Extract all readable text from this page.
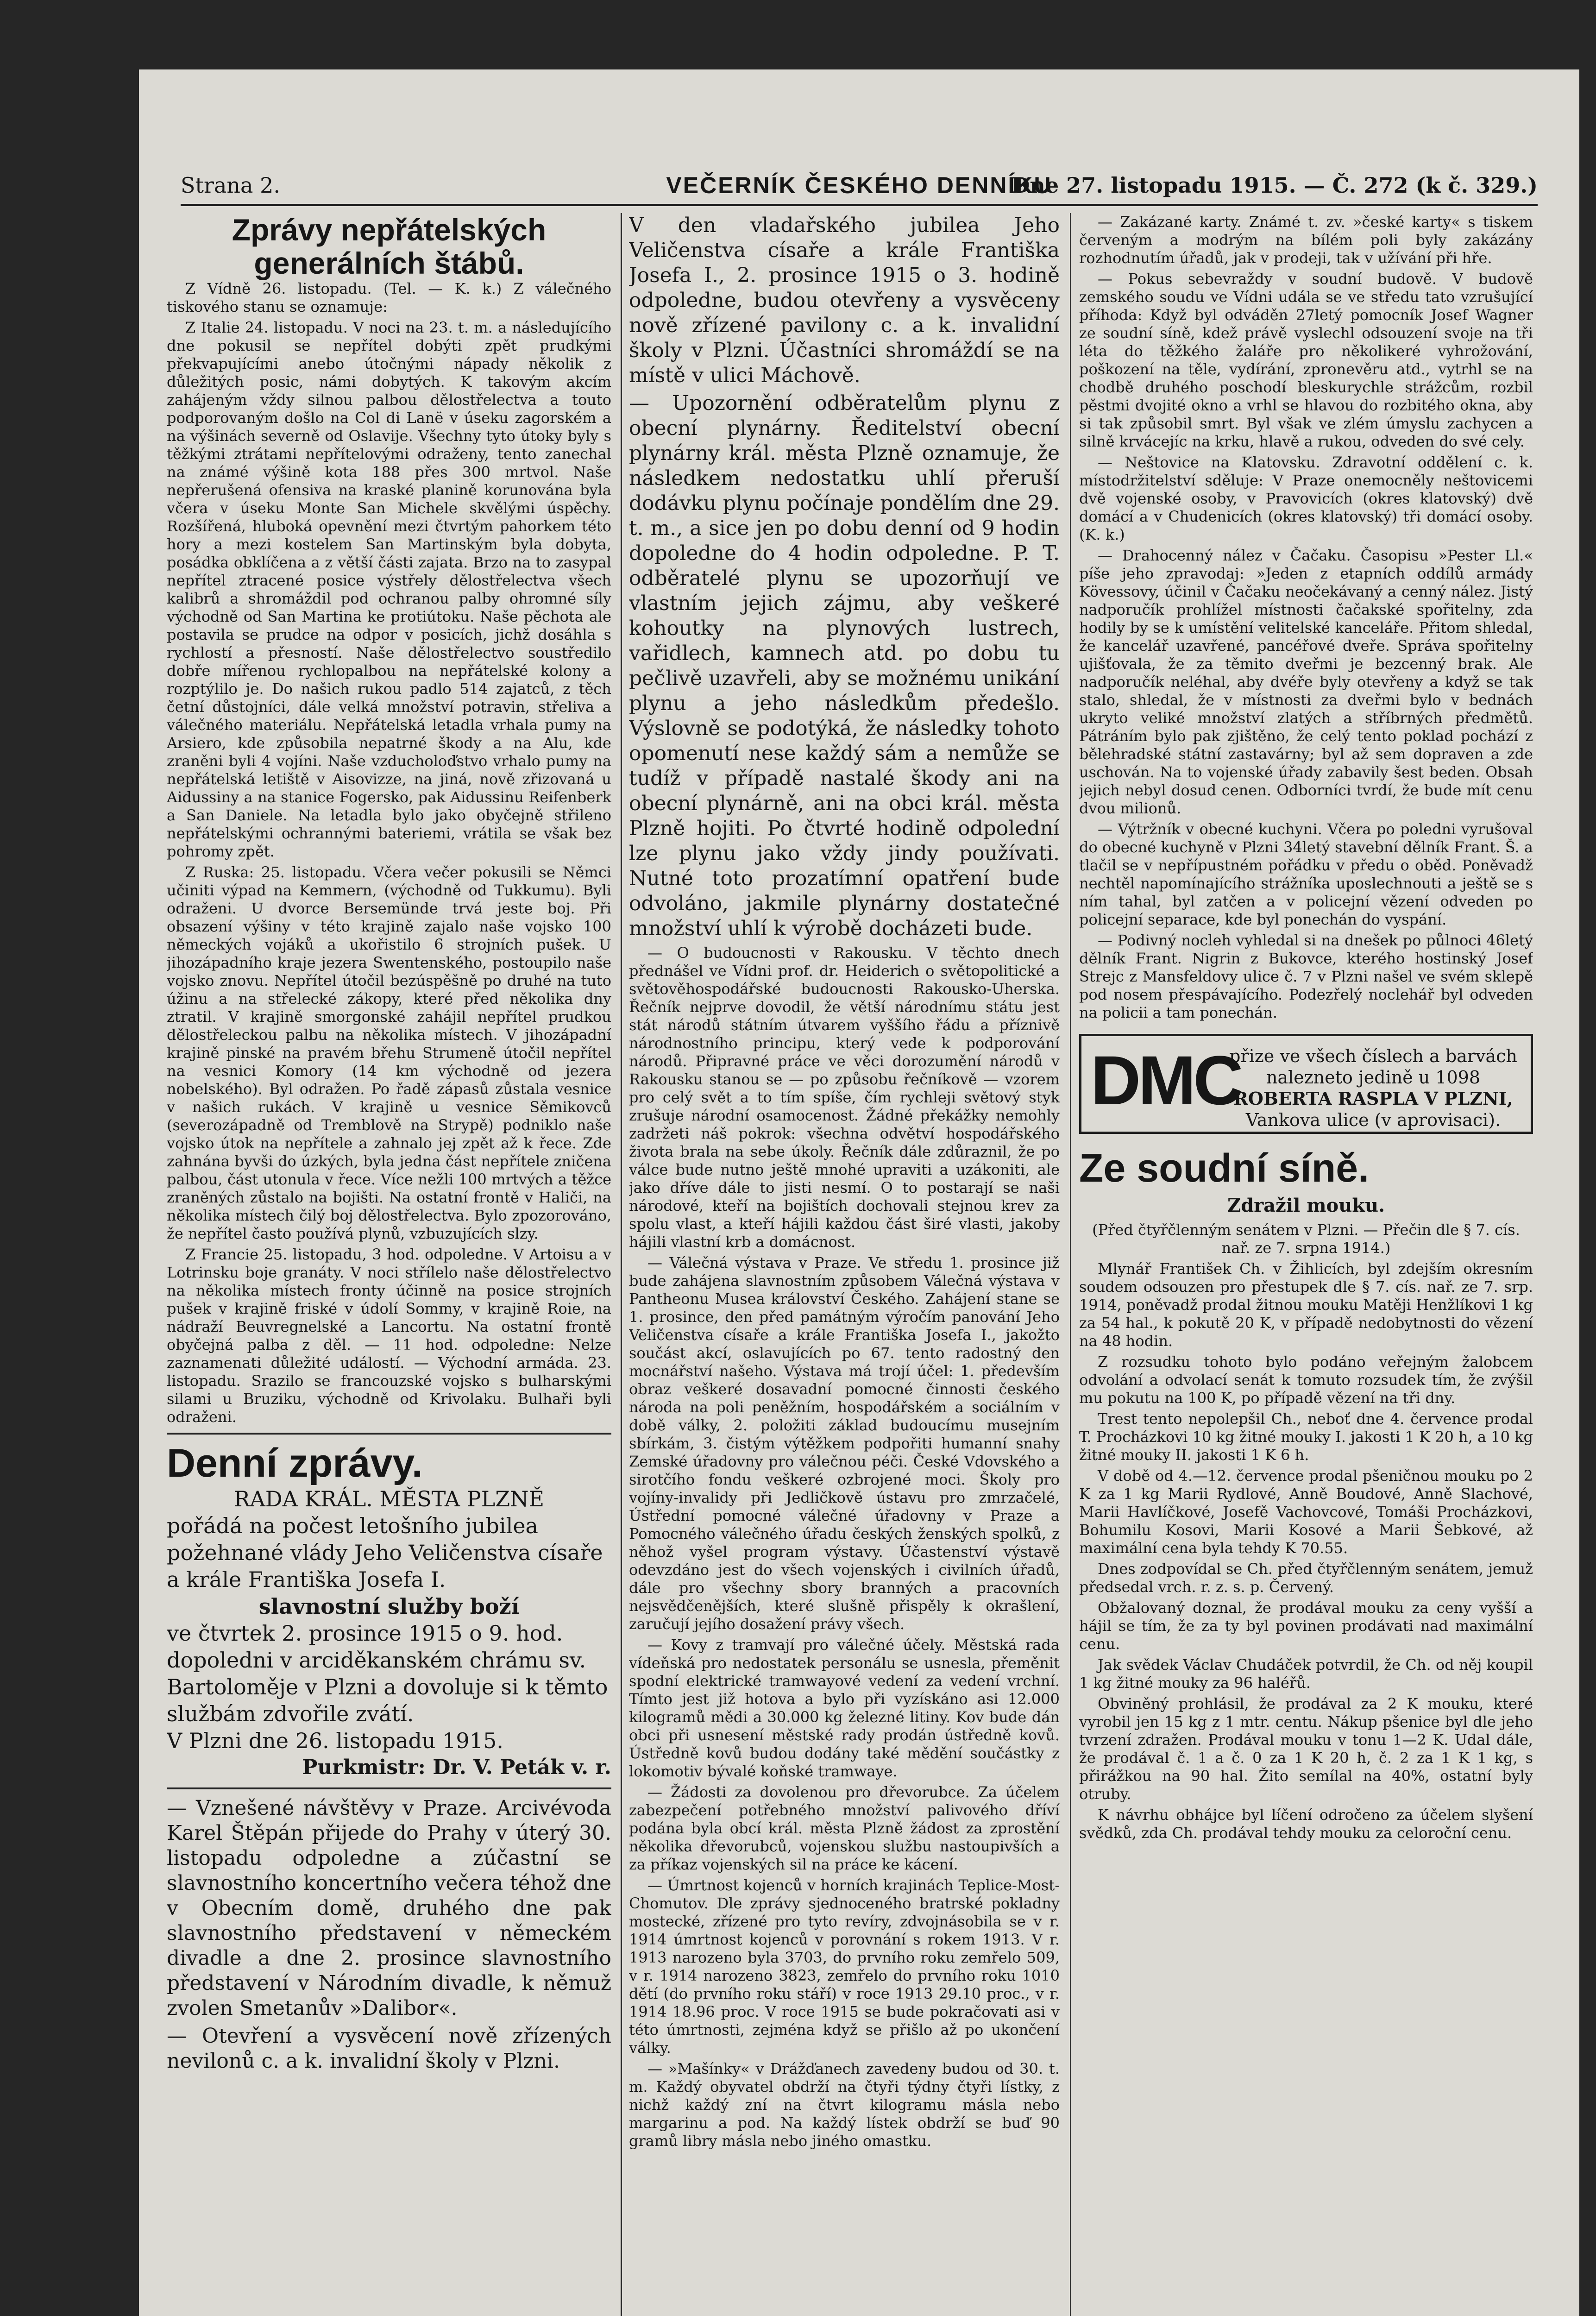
Strana 2.	VEČERNÍK ČESKÉHO DENNÍKU
Dne 27. listopadu 1915. — Č. 272 (k č. 329.)
Zprávy nepřátelských generálních štábů.

Z Vídně 26. listopadu. (Tel. — K. k.) Z válečného tiskového stanu se oznamuje:

Z Italie 24. listopadu. V noci na 23. t. m. a následujícího dne pokusil se nepřítel dobýti zpět prudkými překvapujícími anebo útočnými nápady několik z důležitých posic, námi dobytých. K takovým akcím zahájeným vždy silnou palbou dělostřelectva a touto podporovaným došlo na Col di Lanë v úseku zagorském a na výšinách severně od Oslavije. Všechny tyto útoky byly s těžkými ztrátami nepřítelovými odraženy, tento zanechal na známé výšině kota 188 přes 300 mrtvol. Naše nepřerušená ofensiva na kraské planině korunována byla včera v úseku Monte San Michele skvělými úspěchy. Rozšířená, hluboká opevnění mezi čtvrtým pahorkem této hory a mezi kostelem San Martinským byla dobyta, posádka obklíčena a z větší části zajata. Brzo na to zasypal nepřítel ztracené posice výstřely dělostřelectva všech kalibrů a shromáždil pod ochranou palby ohromné síly východně od San Martina ke protiútoku. Naše pěchota ale postavila se prudce na odpor v posicích, jichž dosáhla s rychlostí a přesností. Naše dělostřelectvo soustředilo dobře mířenou rychlopalbou na nepřátelské kolony a rozptýlilo je. Do našich rukou padlo 514 zajatců, z těch četní důstojníci, dále velká množství potravin, střeliva a válečného materiálu. Nepřátelská letadla vrhala pumy na Arsiero, kde způsobila nepatrné škody a na Alu, kde zraněni byli 4 vojíni. Naše vzducholoďstvo vrhalo pumy na nepřátelská letiště v Aisovizze, na jiná, nově zřizovaná u Aidussiny a na stanice Fogersko, pak Aidussinu Reifenberk a San Daniele. Na letadla bylo jako obyčejně střileno nepřátelskými ochrannými bateriemi, vrátila se však bez pohromy zpět.

Z Ruska: 25. listopadu. Včera večer pokusili se Němci učiniti výpad na Kemmern, (východně od Tukkumu). Byli odraženi. U dvorce Bersemünde trvá jeste boj. Při obsazení výšiny v této krajině zajalo naše vojsko 100 německých vojáků a ukořistilo 6 strojních pušek. U jihozápadního kraje jezera Swentenského, postoupilo naše vojsko znovu. Nepřítel útočil bezúspěšně po druhé na tuto úžinu a na střelecké zákopy, které před několika dny ztratil. V krajině smorgonské zahájil nepřítel prudkou dělostřeleckou palbu na několika místech. V jihozápadní krajině pinské na pravém břehu Strumeně útočil nepřítel na vesnici Komory (14 km východně od jezera nobelského). Byl odražen. Po řadě zápasů zůstala vesnice v našich rukách. V krajině u vesnice Sěmikovců (severozápadně od Tremblově na Strypě) podniklo naše vojsko útok na nepřítele a zahnalo jej zpět až k řece. Zde zahnána byvši do úzkých, byla jedna část nepřítele zničena palbou, část utonula v řece. Více nežli 100 mrtvých a těžce zraněných zůstalo na bojišti. Na ostatní frontě v Haliči, na několika místech čilý boj dělostřelectva. Bylo zpozorováno, že nepřítel často používá plynů, vzbuzujících slzy.

Z Francie 25. listopadu, 3 hod. odpoledne. V Artoisu a v Lotrinsku boje granáty. V noci střílelo naše dělostřelectvo na několika místech fronty účinně na posice strojních pušek v krajině friské v údolí Sommy, v krajině Roie, na nádraží Beuvregnelské a Lancortu. Na ostatní frontě obyčejná palba z děl. — 11 hod. odpoledne: Nelze zaznamenati důležité událostí. — Východní armáda. 23. listopadu. Srazilo se francouzské vojsko s bulharskými silami u Bruziku, východně od Krivolaku. Bulhaři byli odraženi.

Denní zprávy.
RADA KRÁL. MĚSTA PLZNĚ
pořádá na počest letošního jubilea požehnané vlády Jeho Veličenstva císaře a krále Františka Josefa I.
slavnostní služby boží
ve čtvrtek 2. prosince 1915 o 9. hod. dopoledni v arciděkanském chrámu sv. Bartoloměje v Plzni a dovoluje si k těmto službám zdvořile zvátí.
V Plzni dne 26. listopadu 1915.
Purkmistr: Dr. V. Peták v. r.

— Vznešené návštěvy v Praze. Arcivévoda Karel Štěpán přijede do Prahy v úterý 30. listopadu odpoledne a zúčastní se slavnostního koncertního večera téhož dne v Obecním domě, druhého dne pak slavnostního představení v německém divadle a dne 2. prosince slavnostního představení v Národním divadle, k němuž zvolen Smetanův »Dalibor«.

— Otevření a vysvěcení nově zřízených nevilonů c. a k. invalidní školy v Plzni.

V den vladařského jubilea Jeho Veličenstva císaře a krále Františka Josefa I., 2. prosince 1915 o 3. hodině odpoledne, budou otevřeny a vysvěceny nově zřízené pavilony c. a k. invalidní školy v Plzni. Účastníci shromáždí se na místě v ulici Máchově.

— Upozornění odběratelům plynu z obecní plynárny. Ředitelství obecní plynárny král. města Plzně oznamuje, že následkem nedostatku uhlí přeruší dodávku plynu počínaje pondělím dne 29. t. m., a sice jen po dobu denní od 9 hodin dopoledne do 4 hodin odpoledne. P. T. odběratelé plynu se upozorňují ve vlastním jejich zájmu, aby veškeré kohoutky na plynových lustrech, vařidlech, kamnech atd. po dobu tu pečlivě uzavřeli, aby se možnému unikání plynu a jeho následkům předešlo. Výslovně se podotýká, že následky tohoto opomenutí nese každý sám a nemůže se tudíž v případě nastalé škody ani na obecní plynárně, ani na obci král. města Plzně hojiti. Po čtvrté hodině odpolední lze plynu jako vždy jindy používati. Nutné toto prozatímní opatření bude odvoláno, jakmile plynárny dostatečné množství uhlí k výrobě docházeti bude.

— O budoucnosti v Rakousku. V těchto dnech přednášel ve Vídni prof. dr. Heiderich o světopolitické a světověhospodářské budoucnosti Rakousko-Uherska. Řečník nejprve dovodil, že větší národnímu státu jest stát národů státním útvarem vyššího řádu a příznivě národnostního principu, který vede k podporování národů. Připravné práce ve věci dorozumění národů v Rakousku stanou se — po způsobu řečníkově — vzorem pro celý svět a to tím spíše, čím rychleji světový styk zrušuje národní osamocenost. Žádné překážky nemohly zadržeti náš pokrok: všechna odvětví hospodářského života brala na sebe úkoly. Řečník dále zdůraznil, že po válce bude nutno ještě mnohé upraviti a uzákoniti, ale jako dříve dále to jisti nesmí. O to postarají se naši národové, kteří na bojištích dochovali stejnou krev za spolu vlast, a kteří hájili každou část širé vlasti, jakoby hájili vlastní krb a domácnost.

— Válečná výstava v Praze. Ve středu 1. prosince již bude zahájena slavnostním způsobem Válečná výstava v Pantheonu Musea království Českého. Zahájení stane se 1. prosince, den před památným výročím panování Jeho Veličenstva císaře a krále Františka Josefa I., jakožto součást akcí, oslavujících po 67. tento radostný den mocnářství našeho. Výstava má trojí účel: 1. především obraz veškeré dosavadní pomocné činnosti českého národa na poli peněžním, hospodářském a sociálním v době války, 2. položiti základ budoucímu musejním sbírkám, 3. čistým výtěžkem podpořiti humanní snahy Zemské úřadovny pro válečnou péči. České Vdovského a sirotčího fondu veškeré ozbrojené moci. Školy pro vojíny-invalidy při Jedličkově ústavu pro zmrzačelé, Ústřední pomocné válečné úřadovny v Praze a Pomocného válečného úřadu českých ženských spolků, z něhož vyšel program výstavy. Účastenství výstavě odevzdáno jest do všech vojenských i civilních úřadů, dále pro všechny sbory branných a pracovních nejsvědčenějších, které slušně přispěly k okrašlení, zaručují jejího dosažení právy všech.

— Kovy z tramvají pro válečné účely. Městská rada vídeňská pro nedostatek personálu se usnesla, přeměnit spodní elektrické tramwayové vedení za vedení vrchní. Tímto jest již hotova a bylo při vyzískáno asi 12.000 kilogramů mědi a 30.000 kg železné litiny. Kov bude dán obci při usnesení městské rady prodán ústředně kovů. Ústředně kovů budou dodány také mědění součástky z lokomotiv bývalé koňské tramwaye.

— Žádosti za dovolenou pro dřevorubce. Za účelem zabezpečení potřebného množství palivového dříví podána byla obcí král. města Plzně žádost za zprostění několika dřevorubců, vojenskou službu nastoupivších a za příkaz vojenských sil na práce ke kácení.

— Úmrtnost kojenců v horních krajinách Teplice-Most-Chomutov. Dle zprávy sjednoceného bratrské pokladny mostecké, zřízené pro tyto revíry, zdvojnásobila se v r. 1914 úmrtnost kojenců v porovnání s rokem 1913. V r. 1913 narozeno byla 3703, do prvního roku zemřelo 509, v r. 1914 narozeno 3823, zemřelo do prvního roku 1010 dětí (do prvního roku stáří) v roce 1913 29.10 proc., v r. 1914 18.96 proc. V roce 1915 se bude pokračovati asi v této úmrtnosti, zejména když se přišlo až po ukončení války.

— »Mašínky« v Drážďanech zavedeny budou od 30. t. m. Každý obyvatel obdrží na čtyři týdny čtyři lístky, z nichž každý zní na čtvrt kilogramu másla nebo margarinu a pod. Na každý lístek obdrží se buď 90 gramů libry másla nebo jiného omastku.

— Zakázané karty. Známé t. zv. »české karty« s tiskem červeným a modrým na bílém poli byly zakázány rozhodnutím úřadů, jak v prodeji, tak v užívání při hře.

— Pokus sebevraždy v soudní budově. V budově zemského soudu ve Vídni udála se ve středu tato vzrušující příhoda: Když byl odváděn 27letý pomocník Josef Wagner ze soudní síně, kdež právě vyslechl odsouzení svoje na tři léta do těžkého žaláře pro několikeré vyhrožování, poškození na těle, vydírání, zpronevěru atd., vytrhl se na chodbě druhého poschodí bleskurychle strážcům, rozbil pěstmi dvojité okno a vrhl se hlavou do rozbitého okna, aby si tak způsobil smrt. Byl však ve zlém úmyslu zachycen a silně krvácejíc na krku, hlavě a rukou, odveden do své cely.

— Neštovice na Klatovsku. Zdravotní oddělení c. k. místodržitelství sděluje: V Praze onemocněly neštovicemi dvě vojenské osoby, v Pravovicích (okres klatovský) dvě domácí a v Chudenicích (okres klatovský) tři domácí osoby. (K. k.)

— Drahocenný nález v Čačaku. Časopisu »Pester Ll.« píše jeho zpravodaj: »Jeden z etapních oddílů armády Kövessovy, účinil v Čačaku neočekávaný a cenný nález. Jistý nadporučík prohlížel místnosti čačakské spořitelny, zda hodily by se k umístění velitelské kanceláře. Přitom shledal, že kancelář uzavřené, pancéřové dveře. Správa spořitelny ujišťovala, že za těmito dveřmi je bezcenný brak. Ale nadporučík neléhal, aby dvéře byly otevřeny a když se tak stalo, shledal, že v místnosti za dveřmi bylo v bednách ukryto veliké množství zlatých a stříbrných předmětů. Pátráním bylo pak zjištěno, že celý tento poklad pochází z bělehradské státní zastavárny; byl až sem dopraven a zde uschován. Na to vojenské úřady zabavily šest beden. Obsah jejich nebyl dosud cenen. Odborníci tvrdí, že bude mít cenu dvou milionů.

— Výtržník v obecné kuchyni. Včera po poledni vyrušoval do obecné kuchyně v Plzni 34letý stavební dělník Frant. Š. a tlačil se v nepřípustném pořádku v předu o oběd. Poněvadž nechtěl napomínajícího strážníka uposlechnouti a ještě se s ním tahal, byl zatčen a v policejní vězení odveden po policejní separace, kde byl ponechán do vyspání.

— Podivný nocleh vyhledal si na dnešek po půlnoci 46letý dělník Frant. Nigrin z Bukovce, kterého hostinský Josef Strejc z Mansfeldovy ulice č. 7 v Plzni našel ve svém sklepě pod nosem přespávajícího. Podezřelý noclehář byl odveden na policii a tam ponechán.

DMC
přize ve všech číslech a barvách
nalezneto jedině u 1098
ROBERTA RASPLA V PLZNI,
Vankova ulice (v aprovisaci).
Ze soudní síně.
Zdražil mouku.

(Před čtyřčlenným senátem v Plzni. — Přečin dle § 7. cís. nař. ze 7. srpna 1914.)

Mlynář František Ch. v Žihlicích, byl zdejším okresním soudem odsouzen pro přestupek dle § 7. cís. nař. ze 7. srp. 1914, poněvadž prodal žitnou mouku Matěji Henžlíkovi 1 kg za 54 hal., k pokutě 20 K, v případě nedobytnosti do vězení na 48 hodin.

Z rozsudku tohoto bylo podáno veřejným žalobcem odvolání a odvolací senát k tomuto rozsudek tím, že zvýšil mu pokutu na 100 K, po případě vězení na tři dny.

Trest tento nepolepšil Ch., neboť dne 4. července prodal T. Procházkovi 10 kg žitné mouky I. jakosti 1 K 20 h, a 10 kg žitné mouky II. jakosti 1 K 6 h.

V době od 4.—12. července prodal pšeničnou mouku po 2 K za 1 kg Marii Rydlové, Anně Boudové, Anně Slachové, Marii Havlíčkové, Josefě Vachovcové, Tomáši Procházkovi, Bohumilu Kosovi, Marii Kosové a Marii Šebkové, až maximální cena byla tehdy K 70.55.

Dnes zodpovídal se Ch. před čtyřčlenným senátem, jemuž předsedal vrch. r. z. s. p. Červený.

Obžalovaný doznal, že prodával mouku za ceny vyšší a hájil se tím, že za ty byl povinen prodávati nad maximální cenu.

Jak svědek Václav Chudáček potvrdil, že Ch. od něj koupil 1 kg žitné mouky za 96 haléřů.

Obviněný prohlásil, že prodával za 2 K mouku, které vyrobil jen 15 kg z 1 mtr. centu. Nákup pšenice byl dle jeho tvrzení zdražen. Prodával mouku v tonu 1—2 K. Udal dále, že prodával č. 1 a č. 0 za 1 K 20 h, č. 2 za 1 K 1 kg, s přirážkou na 90 hal. Žito semílal na 40%, ostatní byly otruby.

K návrhu obhájce byl líčení odročeno za účelem slyšení svědků, zda Ch. prodával tehdy mouku za celoroční cenu.
